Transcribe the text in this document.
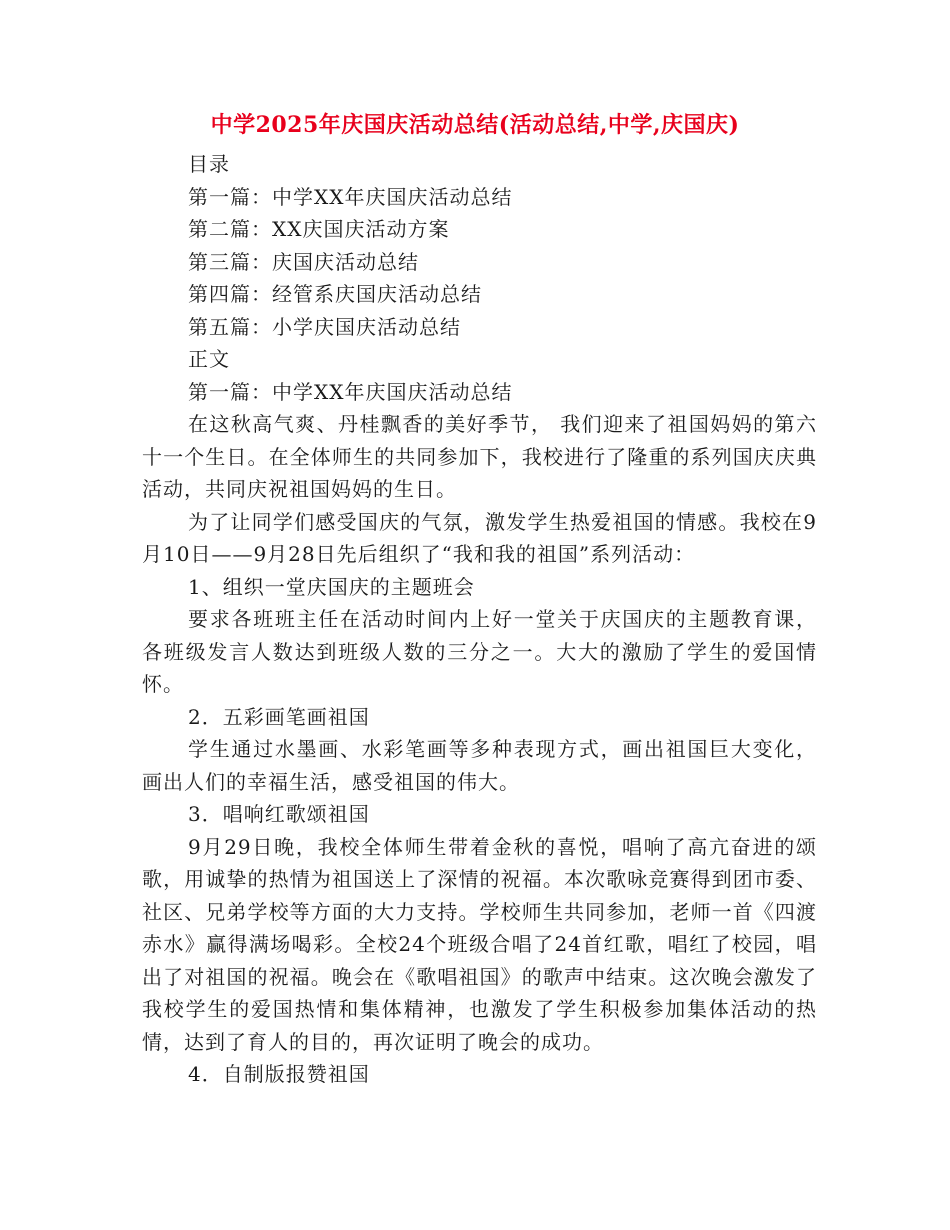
中学2025年庆国庆活动总结(活动总结,中学,庆国庆)

目录

第一篇：中学XX年庆国庆活动总结

第二篇：XX庆国庆活动方案

第三篇：庆国庆活动总结

第四篇：经管系庆国庆活动总结

第五篇：小学庆国庆活动总结

正文

第一篇：中学XX年庆国庆活动总结

在这秋高气爽、丹桂飘香的美好季节， 我们迎来了祖国妈妈的第六十一个生日。在全体师生的共同参加下，我校进行了隆重的系列国庆庆典活动，共同庆祝祖国妈妈的生日。

为了让同学们感受国庆的气氛，激发学生热爱祖国的情感。我校在9月10日——9月28日先后组织了“我和我的祖国”系列活动：

1、组织一堂庆国庆的主题班会

要求各班班主任在活动时间内上好一堂关于庆国庆的主题教育课，各班级发言人数达到班级人数的三分之一。大大的激励了学生的爱国情怀。

2．五彩画笔画祖国

学生通过水墨画、水彩笔画等多种表现方式，画出祖国巨大变化，画出人们的幸福生活，感受祖国的伟大。

3．唱响红歌颂祖国

9月29日晚，我校全体师生带着金秋的喜悦，唱响了高亢奋进的颂歌，用诚挚的热情为祖国送上了深情的祝福。本次歌咏竞赛得到团市委、社区、兄弟学校等方面的大力支持。学校师生共同参加，老师一首《四渡赤水》赢得满场喝彩。全校24个班级合唱了24首红歌，唱红了校园，唱出了对祖国的祝福。晚会在《歌唱祖国》的歌声中结束。这次晚会激发了我校学生的爱国热情和集体精神，也激发了学生积极参加集体活动的热情，达到了育人的目的，再次证明了晚会的成功。

4．自制版报赞祖国
